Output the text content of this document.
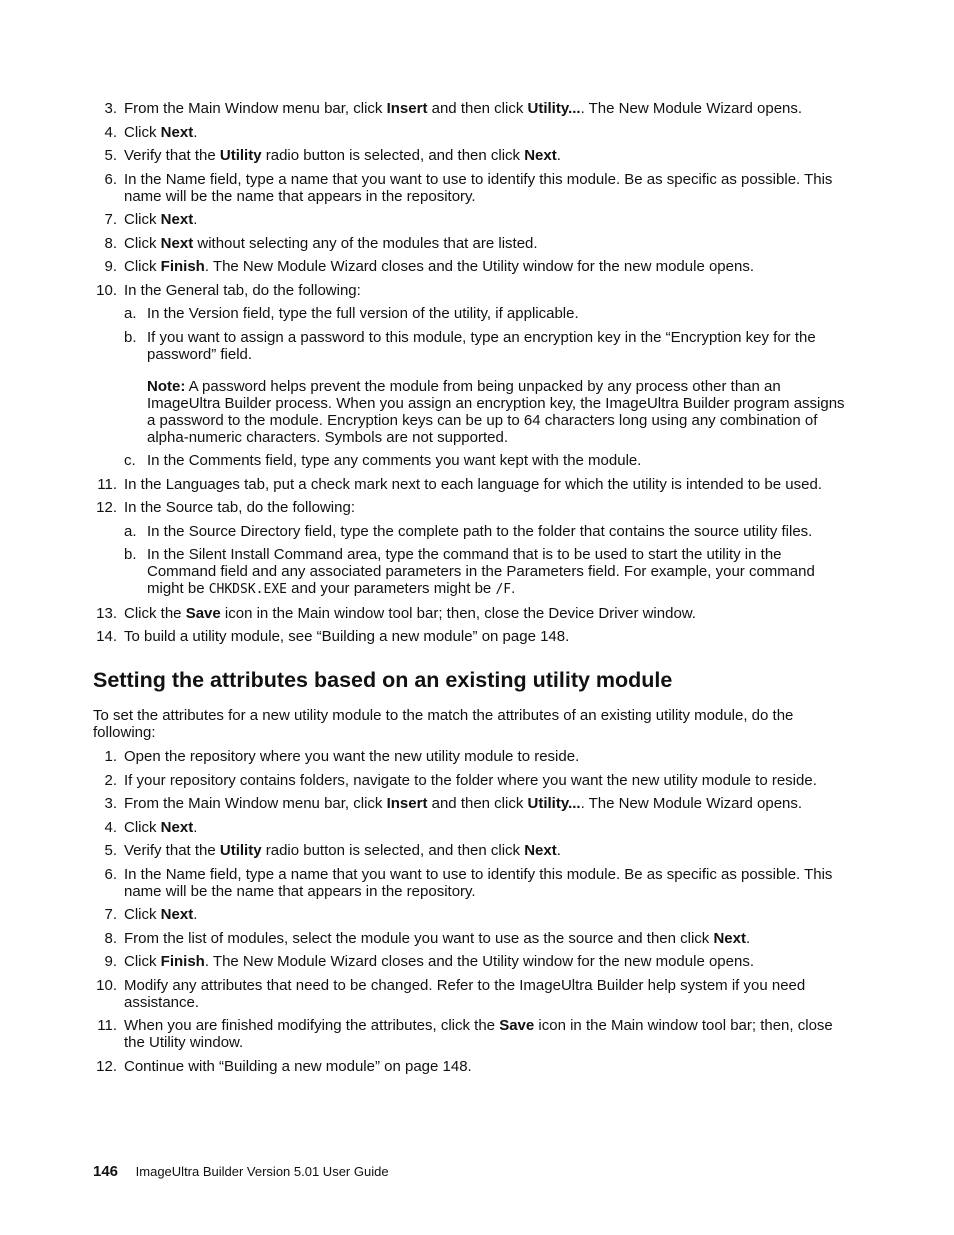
3. From the Main Window menu bar, click Insert and then click Utility.... The New Module Wizard opens.
4. Click Next.
5. Verify that the Utility radio button is selected, and then click Next.
6. In the Name field, type a name that you want to use to identify this module. Be as specific as possible. This name will be the name that appears in the repository.
7. Click Next.
8. Click Next without selecting any of the modules that are listed.
9. Click Finish. The New Module Wizard closes and the Utility window for the new module opens.
10. In the General tab, do the following:
a. In the Version field, type the full version of the utility, if applicable.
b. If you want to assign a password to this module, type an encryption key in the “Encryption key for the password” field.
Note: A password helps prevent the module from being unpacked by any process other than an ImageUltra Builder process. When you assign an encryption key, the ImageUltra Builder program assigns a password to the module. Encryption keys can be up to 64 characters long using any combination of alpha-numeric characters. Symbols are not supported.
c. In the Comments field, type any comments you want kept with the module.
11. In the Languages tab, put a check mark next to each language for which the utility is intended to be used.
12. In the Source tab, do the following:
a. In the Source Directory field, type the complete path to the folder that contains the source utility files.
b. In the Silent Install Command area, type the command that is to be used to start the utility in the Command field and any associated parameters in the Parameters field. For example, your command might be CHKDSK.EXE and your parameters might be /F.
13. Click the Save icon in the Main window tool bar; then, close the Device Driver window.
14. To build a utility module, see “Building a new module” on page 148.
Setting the attributes based on an existing utility module

To set the attributes for a new utility module to the match the attributes of an existing utility module, do the following:

1. Open the repository where you want the new utility module to reside.
2. If your repository contains folders, navigate to the folder where you want the new utility module to reside.
3. From the Main Window menu bar, click Insert and then click Utility.... The New Module Wizard opens.
4. Click Next.
5. Verify that the Utility radio button is selected, and then click Next.
6. In the Name field, type a name that you want to use to identify this module. Be as specific as possible. This name will be the name that appears in the repository.
7. Click Next.
8. From the list of modules, select the module you want to use as the source and then click Next.
9. Click Finish. The New Module Wizard closes and the Utility window for the new module opens.
10. Modify any attributes that need to be changed. Refer to the ImageUltra Builder help system if you need assistance.
11. When you are finished modifying the attributes, click the Save icon in the Main window tool bar; then, close the Utility window.
12. Continue with “Building a new module” on page 148.
146 ImageUltra Builder Version 5.01 User Guide
